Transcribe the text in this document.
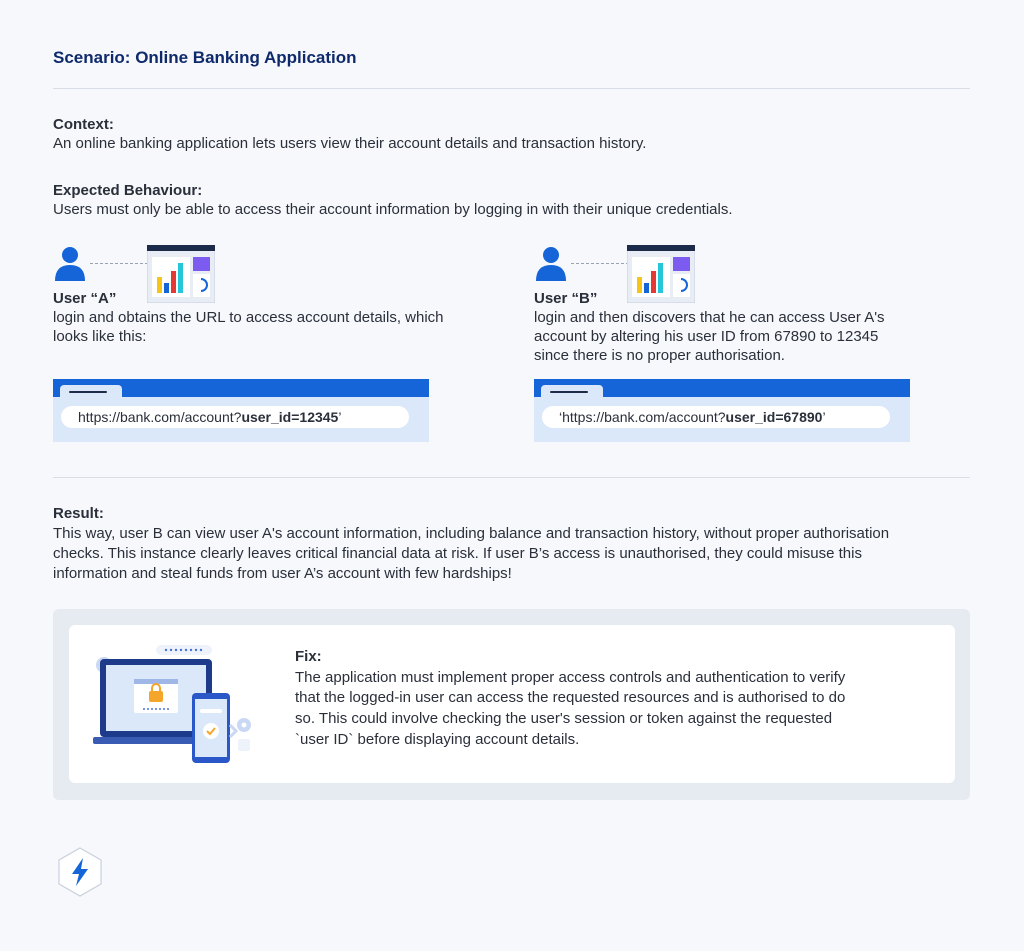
Scenario: Online Banking Application
Context:
An online banking application lets users view their account details and transaction history.
Expected Behaviour:
Users must only be able to access their account information by logging in with their unique credentials.
User “A”
login and obtains the URL to access account details, which
looks like this:
https://bank.com/account?user_id=12345’
User “B”
login and then discovers that he can access User A's
account by altering his user ID from 67890 to 12345
since there is no proper authorisation.
‘https://bank.com/account?user_id=67890’
Result:
This way, user B can view user A's account information, including balance and transaction history, without proper authorisation
checks. This instance clearly leaves critical financial data at risk. If user B’s access is unauthorised, they could misuse this
information and steal funds from user A’s account with few hardships!
Fix:
The application must implement proper access controls and authentication to verify
that the logged-in user can access the requested resources and is authorised to do
so. This could involve checking the user's session or token against the requested
`user ID` before displaying account details.
